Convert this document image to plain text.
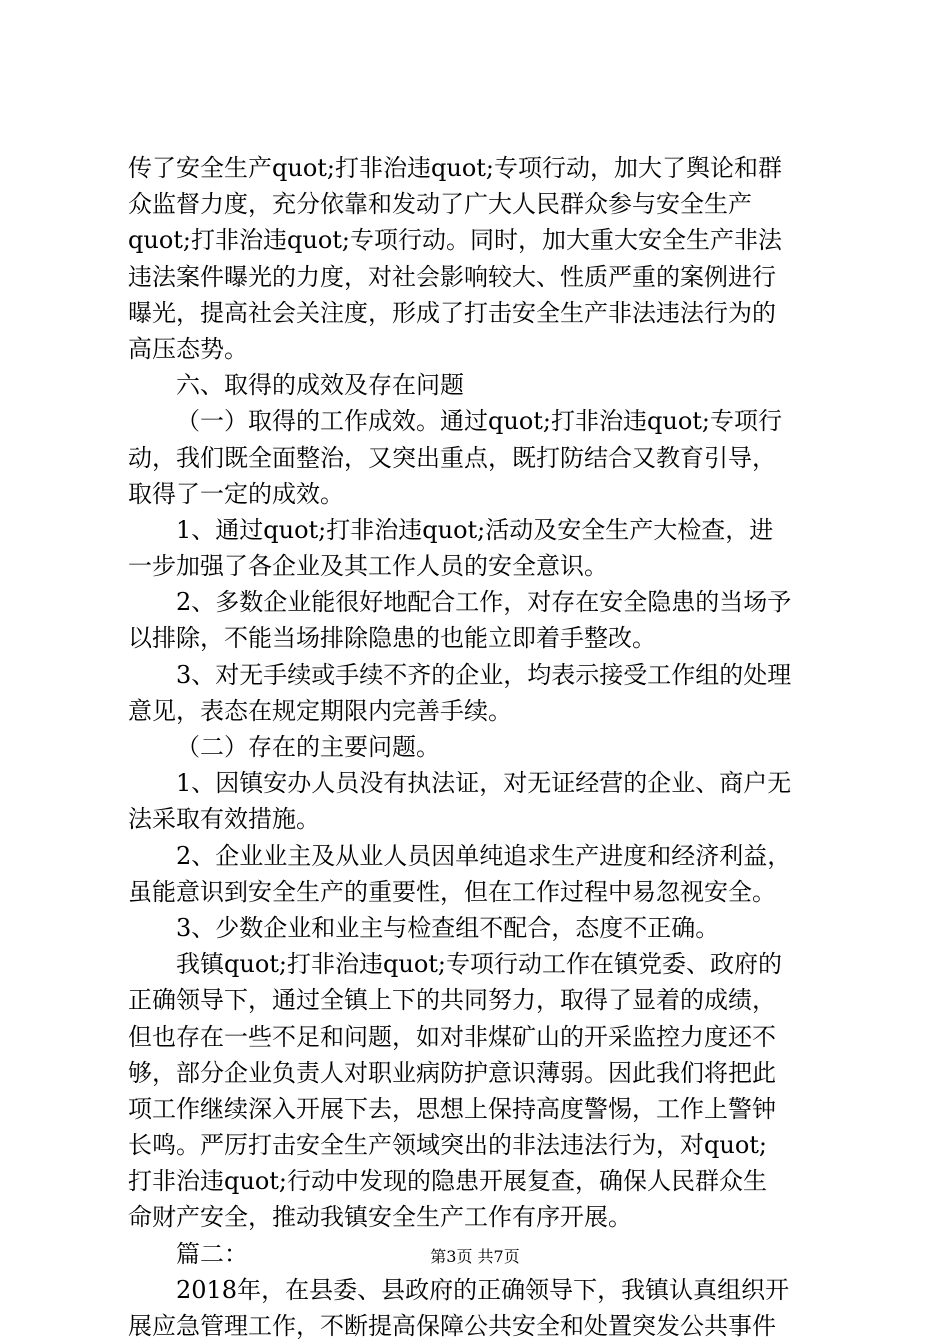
传了安全生产quot;打非治违quot;专项行动，加大了舆论和群
众监督力度，充分依靠和发动了广大人民群众参与安全生产
quot;打非治违quot;专项行动。同时，加大重大安全生产非法
违法案件曝光的力度，对社会影响较大、性质严重的案例进行
曝光，提高社会关注度，形成了打击安全生产非法违法行为的
高压态势。
六、取得的成效及存在问题
（一）取得的工作成效。通过quot;打非治违quot;专项行
动，我们既全面整治，又突出重点，既打防结合又教育引导，
取得了一定的成效。
1、通过quot;打非治违quot;活动及安全生产大检查，进
一步加强了各企业及其工作人员的安全意识。
2、多数企业能很好地配合工作，对存在安全隐患的当场予
以排除，不能当场排除隐患的也能立即着手整改。
3、对无手续或手续不齐的企业，均表示接受工作组的处理
意见，表态在规定期限内完善手续。
（二）存在的主要问题。
1、因镇安办人员没有执法证，对无证经营的企业、商户无
法采取有效措施。
2、企业业主及从业人员因单纯追求生产进度和经济利益，
虽能意识到安全生产的重要性，但在工作过程中易忽视安全。
3、少数企业和业主与检查组不配合，态度不正确。
我镇quot;打非治违quot;专项行动工作在镇党委、政府的
正确领导下，通过全镇上下的共同努力，取得了显着的成绩，
但也存在一些不足和问题，如对非煤矿山的开采监控力度还不
够，部分企业负责人对职业病防护意识薄弱。因此我们将把此
项工作继续深入开展下去，思想上保持高度警惕，工作上警钟
长鸣。严厉打击安全生产领域突出的非法违法行为，对quot;
打非治违quot;行动中发现的隐患开展复查，确保人民群众生
命财产安全，推动我镇安全生产工作有序开展。
篇二：
2018年，在县委、县政府的正确领导下，我镇认真组织开
展应急管理工作，不断提高保障公共安全和处置突发公共事件
第3页 共7页
